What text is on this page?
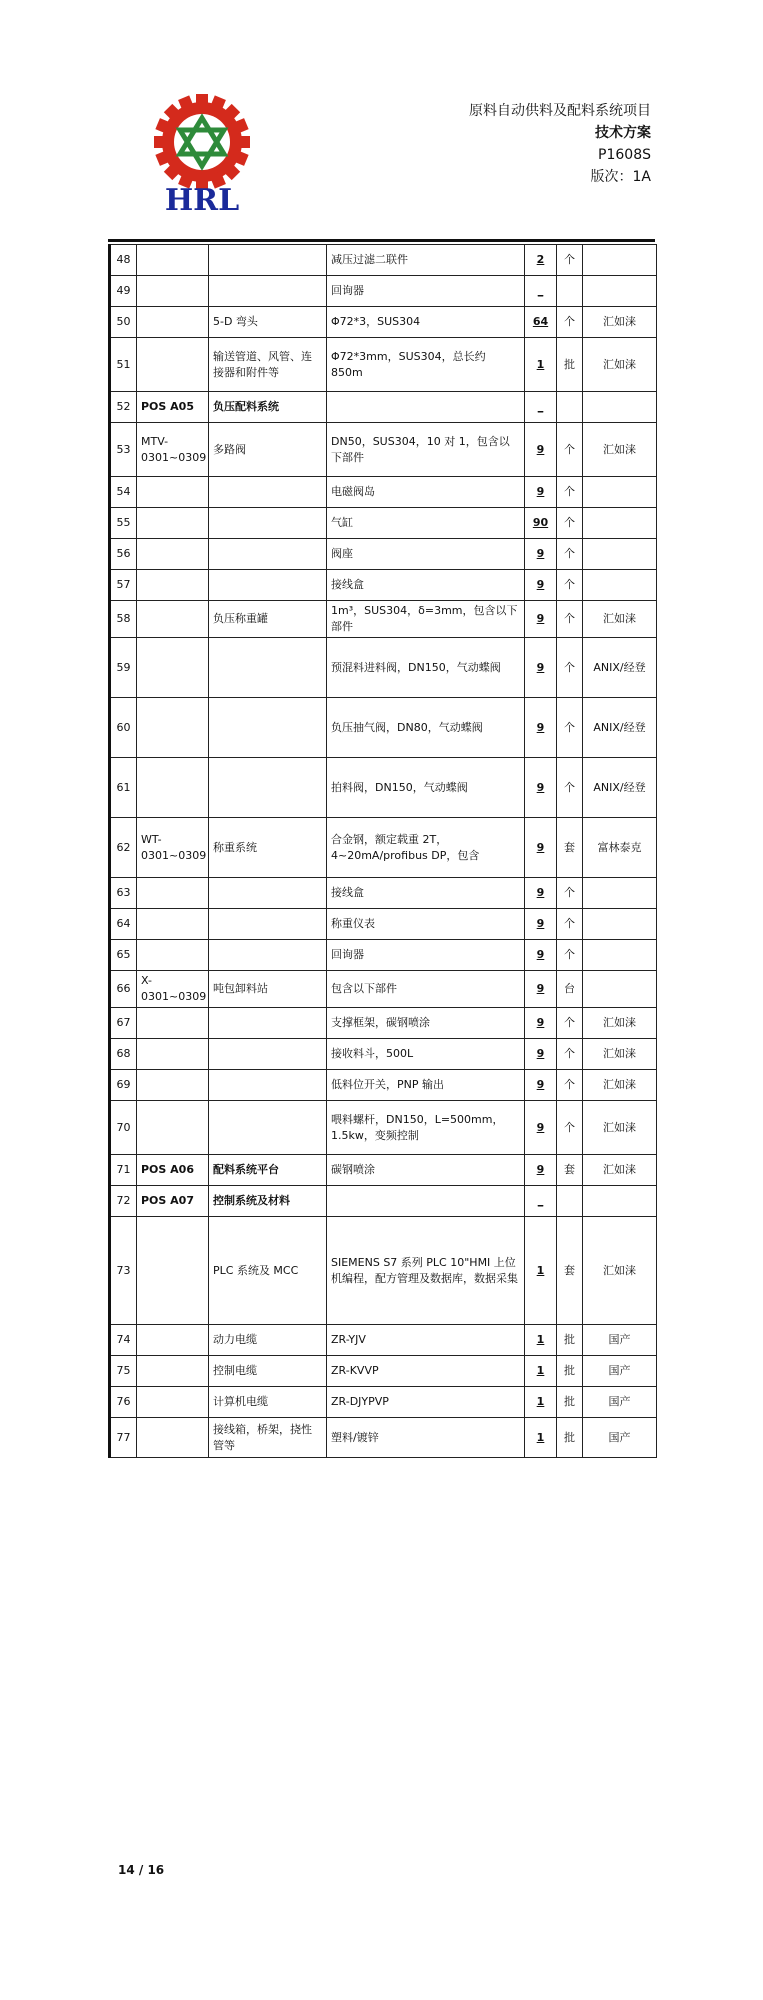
HRL
原料自动供料及配料系统项目
技术方案
P1608S
版次：1A
48			减压过滤二联件	2	个	
49			回询器	_		
50		5-D 弯头	Φ72*3，SUS304	64	个	汇如涞
51		输送管道、风管、连接器和附件等	Φ72*3mm，SUS304，总长约 850m	1	批	汇如涞
52	POS A05	负压配料系统		_		
53	MTV-0301~0309	多路阀	DN50，SUS304，10 对 1，包含以下部件	9	个	汇如涞
54			电磁阀岛	9	个	
55			气缸	90	个	
56			阀座	9	个	
57			接线盒	9	个	
58		负压称重罐	1m³，SUS304，δ=3mm，包含以下部件	9	个	汇如涞
59			预混料进料阀，DN150，气动蝶阀	9	个	ANIX/经登
60			负压抽气阀，DN80，气动蝶阀	9	个	ANIX/经登
61			拍料阀，DN150，气动蝶阀	9	个	ANIX/经登
62	WT-0301~0309	称重系统	合金钢，额定载重 2T，4~20mA/profibus DP，包含	9	套	富林泰克
63			接线盒	9	个	
64			称重仪表	9	个	
65			回询器	9	个	
66	X-0301~0309	吨包卸料站	包含以下部件	9	台	
67			支撑框架，碳钢喷涂	9	个	汇如涞
68			接收料斗，500L	9	个	汇如涞
69			低料位开关，PNP 输出	9	个	汇如涞
70			喂料螺杆，DN150，L=500mm，1.5kw，变频控制	9	个	汇如涞
71	POS A06	配料系统平台	碳钢喷涂	9	套	汇如涞
72	POS A07	控制系统及材料		_		
73		PLC 系统及 MCC	SIEMENS S7 系列 PLC 10"HMI 上位机编程，配方管理及数据库，数据采集	1	套	汇如涞
74		动力电缆	ZR-YJV	1	批	国产
75		控制电缆	ZR-KVVP	1	批	国产
76		计算机电缆	ZR-DJYPVP	1	批	国产
77		接线箱，桥架，挠性管等	塑料/镀锌	1	批	国产
14 / 16
